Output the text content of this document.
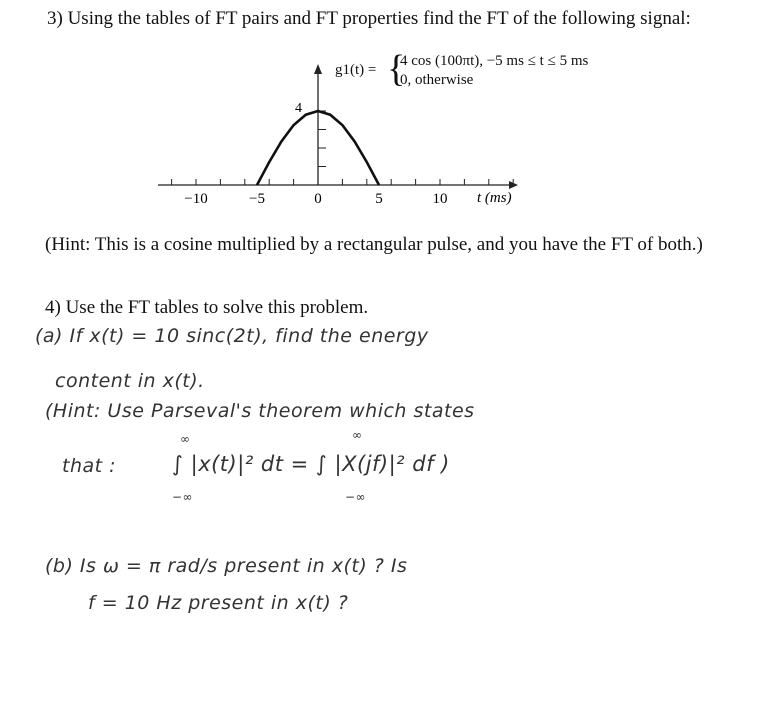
3) Using the tables of FT pairs and FT properties find the FT of the following signal:
g1(t) = {
4 cos (100πt), −5 ms ≤ t ≤ 5 ms
0, otherwise
−10	−5	0	5	10
4
t (ms)
(Hint: This is a cosine multiplied by a rectangular pulse, and you have the FT of both.)
4) Use the FT tables to solve this problem.
(a) If x(t) = 10 sinc(2t), find the energy
content in x(t).
(Hint: Use Parseval's theorem which states
that :	∫ |x(t)|² dt = ∫ |X(jf)|² df )
∞	∞
−∞	−∞
(b) Is ω = π rad/s present in x(t) ? Is
f = 10 Hz present in x(t) ?
